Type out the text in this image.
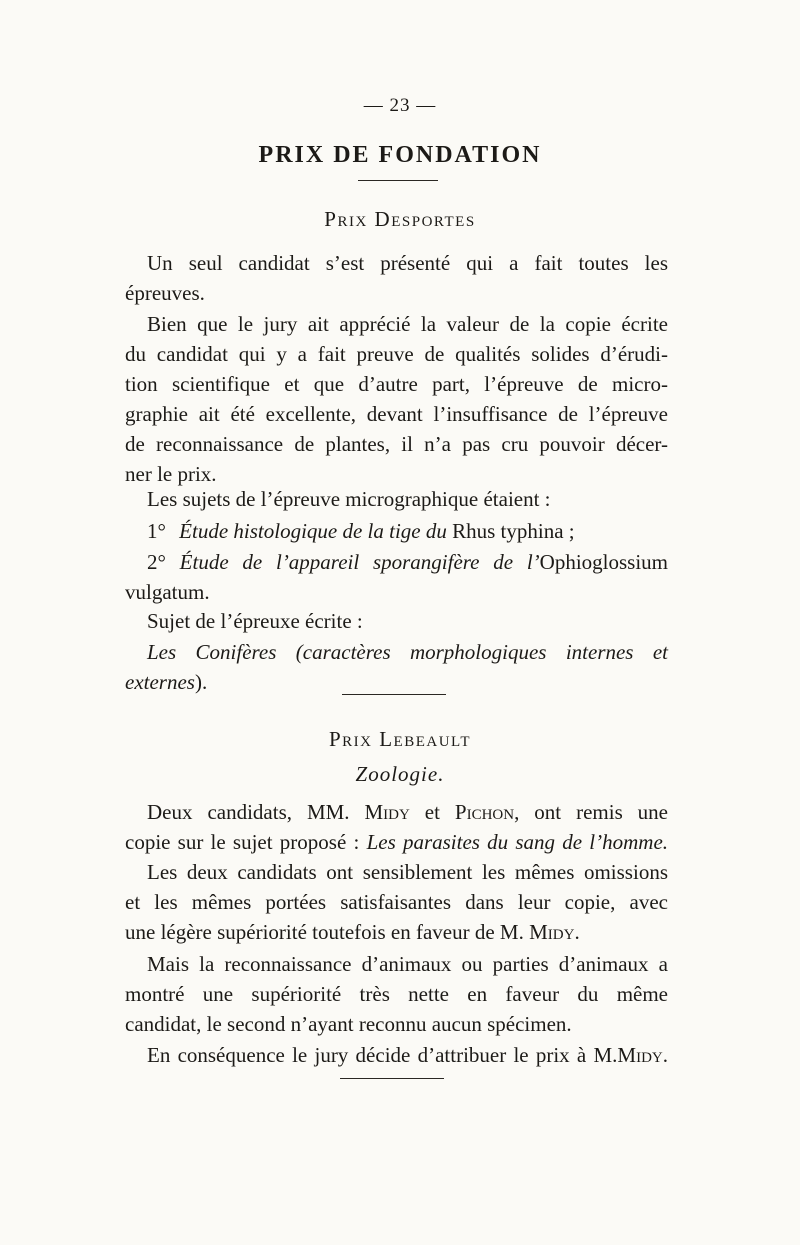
— 23 —
PRIX DE FONDATION
Prix Desportes
Un seul candidat s’est présenté qui a fait toutes les
épreuves.
Bien que le jury ait apprécié la valeur de la copie écrite
du candidat qui y a fait preuve de qualités solides d’érudi-
tion scientifique et que d’autre part, l’épreuve de micro-
graphie ait été excellente, devant l’insuffisance de l’épreuve
de reconnaissance de plantes, il n’a pas cru pouvoir décer-
ner le prix.
Les sujets de l’épreuve micrographique étaient :
1° Étude histologique de la tige du Rhus typhina ;
2° Étude de l’appareil sporangifère de l’Ophioglossium
vulgatum.
Sujet de l’épreuxe écrite :
Les Conifères (caractères morphologiques internes et
externes).
Prix Lebeault
Zoologie.
Deux candidats, MM. Midy et Pichon, ont remis une
copie sur le sujet proposé : Les parasites du sang de l’homme.
Les deux candidats ont sensiblement les mêmes omissions
et les mêmes portées satisfaisantes dans leur copie, avec
une légère supériorité toutefois en faveur de M. Midy.
Mais la reconnaissance d’animaux ou parties d’animaux a
montré une supériorité très nette en faveur du même
candidat, le second n’ayant reconnu aucun spécimen.
En conséquence le jury décide d’attribuer le prix à M.Midy.
